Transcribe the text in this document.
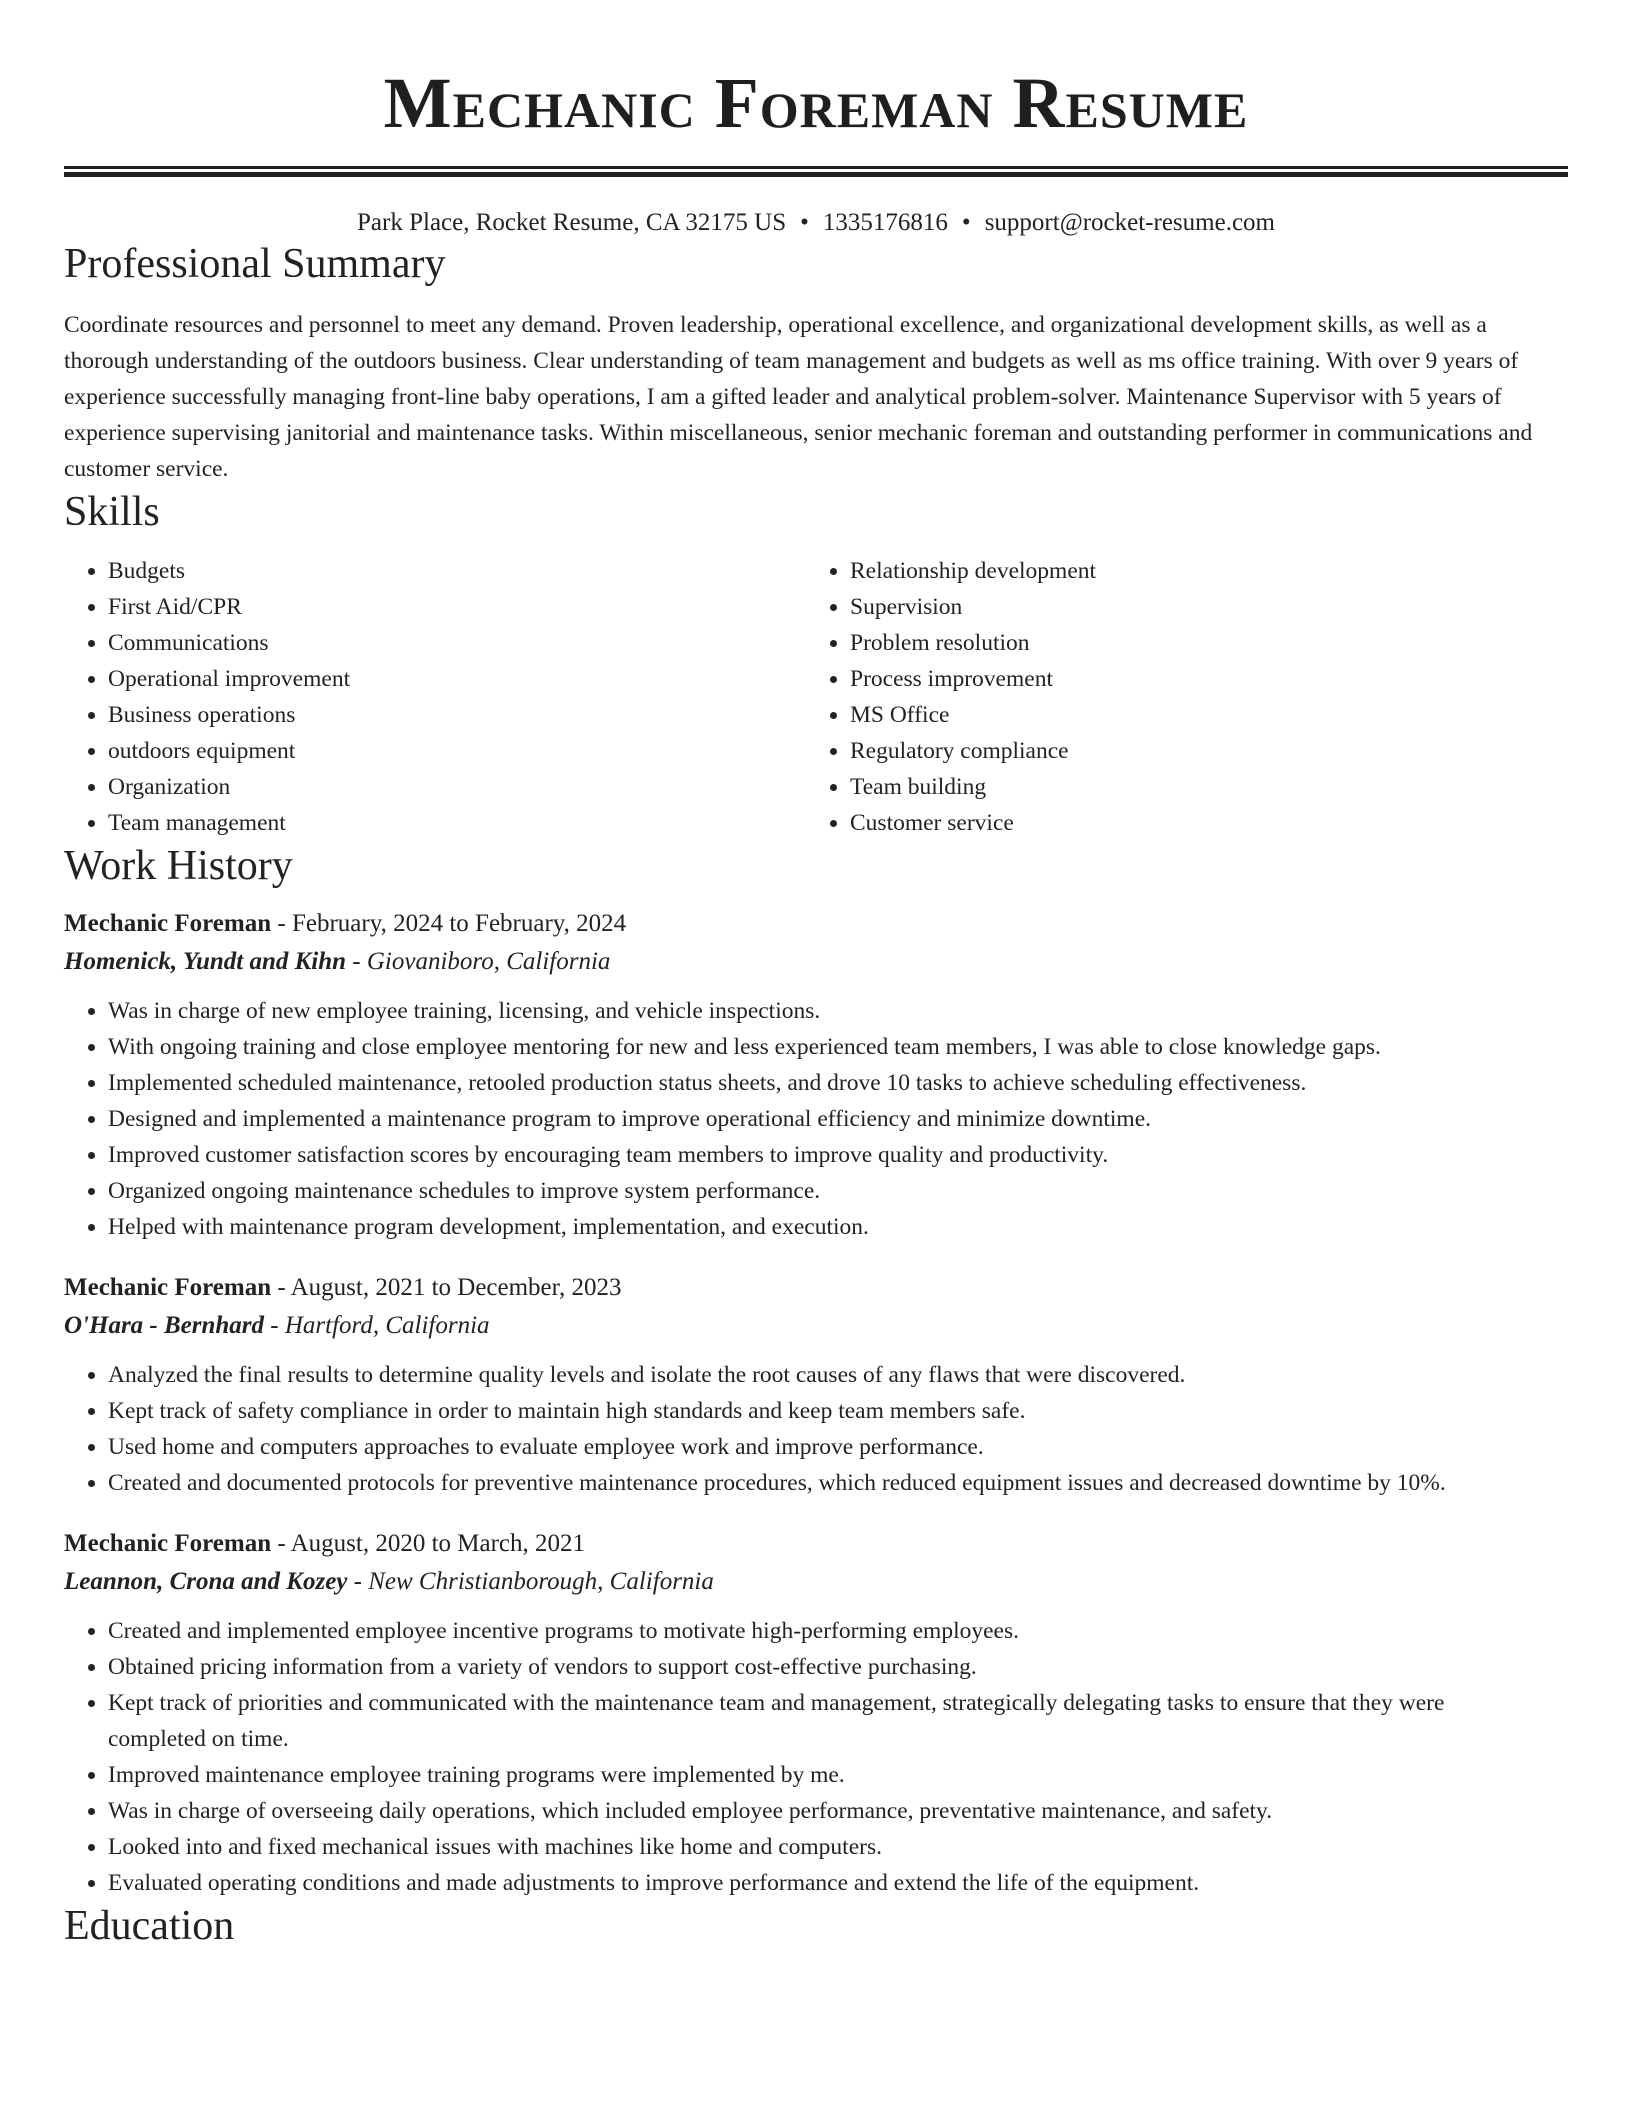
Mechanic Foreman Resume
Park Place, Rocket Resume, CA 32175 US • 1335176816 • support@rocket-resume.com
Professional Summary

Coordinate resources and personnel to meet any demand. Proven leadership, operational excellence, and organizational development skills, as well as a thorough understanding of the outdoors business. Clear understanding of team management and budgets as well as ms office training. With over 9 years of experience successfully managing front-line baby operations, I am a gifted leader and analytical problem-solver. Maintenance Supervisor with 5 years of experience supervising janitorial and maintenance tasks. Within miscellaneous, senior mechanic foreman and outstanding performer in communications and customer service.

Skills
• Budgets
• First Aid/CPR
• Communications
• Operational improvement
• Business operations
• outdoors equipment
• Organization
• Team management
• Relationship development
• Supervision
• Problem resolution
• Process improvement
• MS Office
• Regulatory compliance
• Team building
• Customer service
Work History
Mechanic Foreman - February, 2024 to February, 2024
Homenick, Yundt and Kihn - Giovaniboro, California
• Was in charge of new employee training, licensing, and vehicle inspections.
• With ongoing training and close employee mentoring for new and less experienced team members, I was able to close knowledge gaps.
• Implemented scheduled maintenance, retooled production status sheets, and drove 10 tasks to achieve scheduling effectiveness.
• Designed and implemented a maintenance program to improve operational efficiency and minimize downtime.
• Improved customer satisfaction scores by encouraging team members to improve quality and productivity.
• Organized ongoing maintenance schedules to improve system performance.
• Helped with maintenance program development, implementation, and execution.
Mechanic Foreman - August, 2021 to December, 2023
O'Hara - Bernhard - Hartford, California
• Analyzed the final results to determine quality levels and isolate the root causes of any flaws that were discovered.
• Kept track of safety compliance in order to maintain high standards and keep team members safe.
• Used home and computers approaches to evaluate employee work and improve performance.
• Created and documented protocols for preventive maintenance procedures, which reduced equipment issues and decreased downtime by 10%.
Mechanic Foreman - August, 2020 to March, 2021
Leannon, Crona and Kozey - New Christianborough, California
• Created and implemented employee incentive programs to motivate high-performing employees.
• Obtained pricing information from a variety of vendors to support cost-effective purchasing.
• Kept track of priorities and communicated with the maintenance team and management, strategically delegating tasks to ensure that they were completed on time.
• Improved maintenance employee training programs were implemented by me.
• Was in charge of overseeing daily operations, which included employee performance, preventative maintenance, and safety.
• Looked into and fixed mechanical issues with machines like home and computers.
• Evaluated operating conditions and made adjustments to improve performance and extend the life of the equipment.
Education
